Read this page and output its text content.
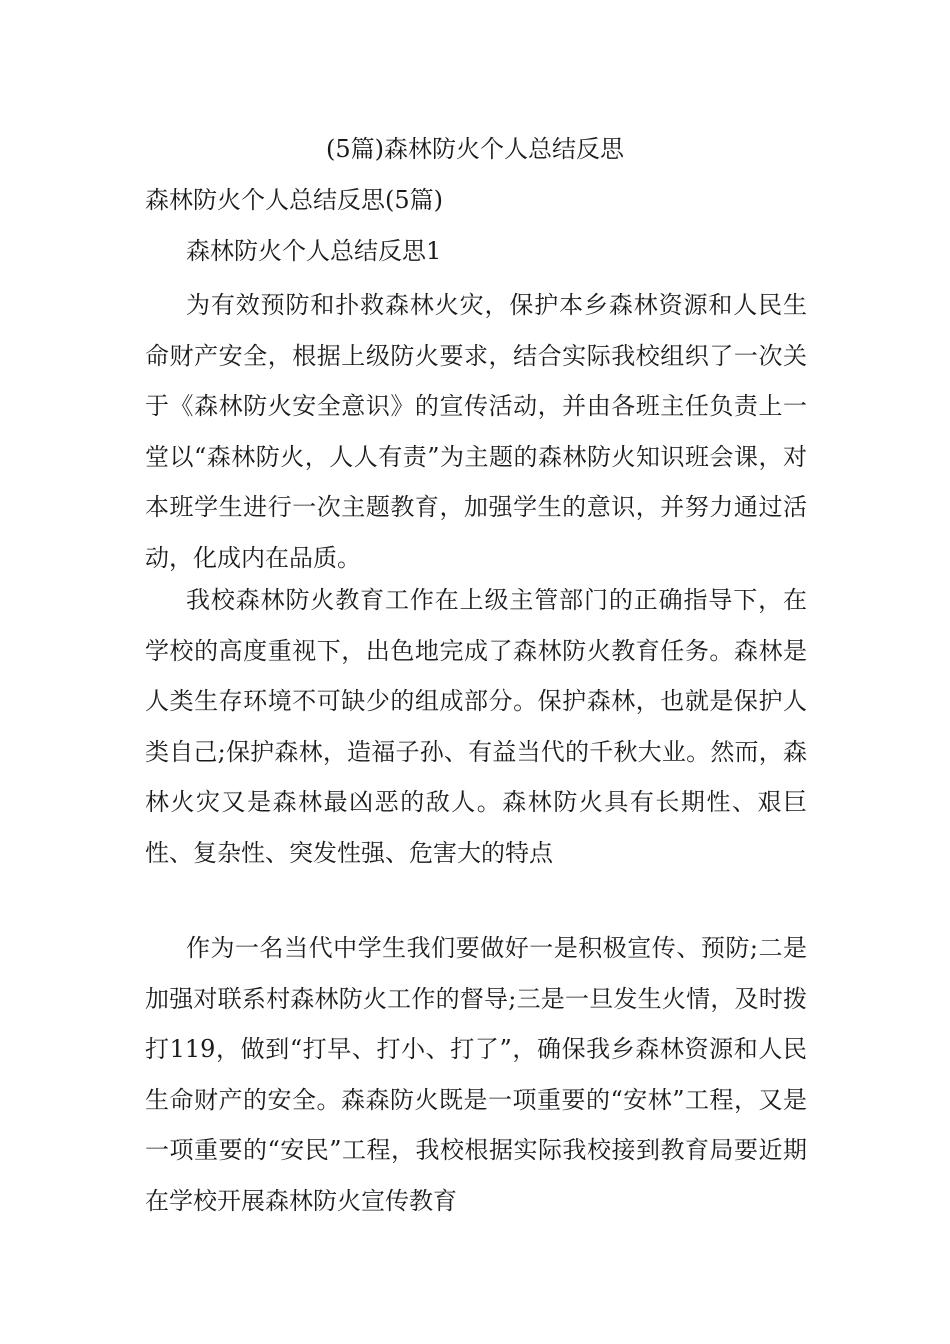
(5篇)森林防火个人总结反思
森林防火个人总结反思(5篇)
森林防火个人总结反思1

为有效预防和扑救森林火灾，保护本乡森林资源和人民生命财产安全，根据上级防火要求，结合实际我校组织了一次关于《森林防火安全意识》的宣传活动，并由各班主任负责上一堂以“森林防火，人人有责”为主题的森林防火知识班会课，对本班学生进行一次主题教育，加强学生的意识，并努力通过活动，化成内在品质。

我校森林防火教育工作在上级主管部门的正确指导下，在学校的高度重视下，出色地完成了森林防火教育任务。森林是人类生存环境不可缺少的组成部分。保护森林，也就是保护人类自己;保护森林，造福子孙、有益当代的千秋大业。然而，森林火灾又是森林最凶恶的敌人。森林防火具有长期性、艰巨性、复杂性、突发性强、危害大的特点

作为一名当代中学生我们要做好一是积极宣传、预防;二是加强对联系村森林防火工作的督导;三是一旦发生火情，及时拨打119，做到“打早、打小、打了”，确保我乡森林资源和人民生命财产的安全。森森防火既是一项重要的“安林”工程，又是一项重要的“安民”工程，我校根据实际我校接到教育局要近期在学校开展森林防火宣传教育
